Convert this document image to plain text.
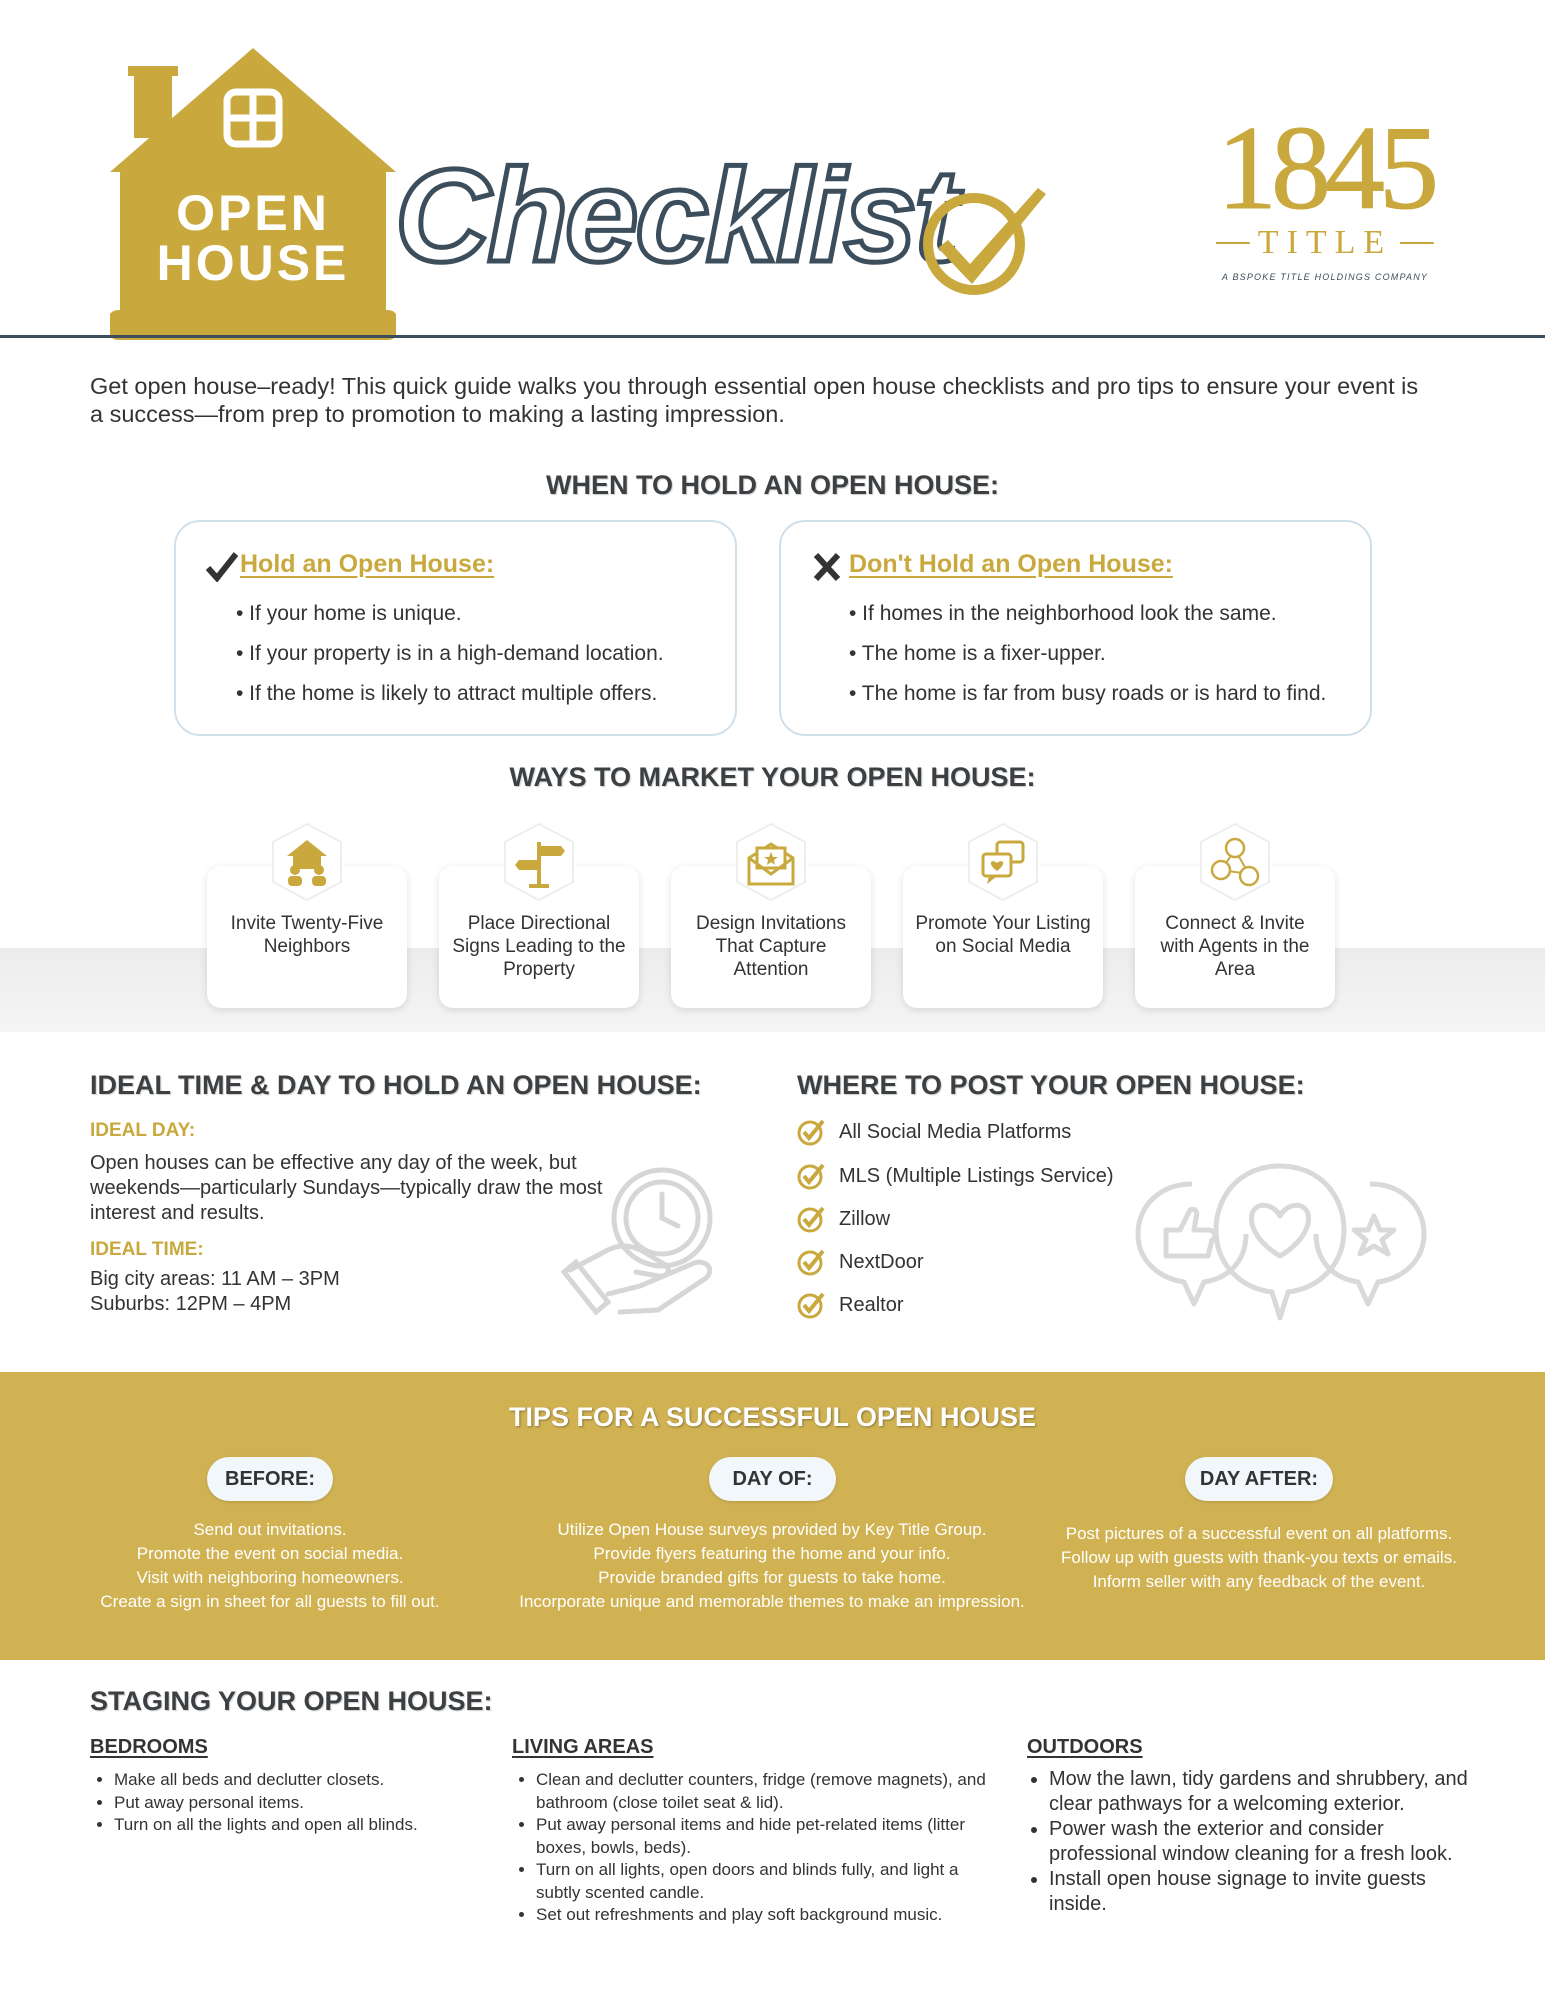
OPEN
HOUSE Checklist 1845
TITLE
A BSPOKE TITLE HOLDINGS COMPANY
Get open house–ready! This quick guide walks you through essential open house checklists and pro tips to ensure your event is a success—from prep to promotion to making a lasting impression.
WHEN TO HOLD AN OPEN HOUSE:
Hold an Open House:
• If your home is unique.
• If your property is in a high-demand location.
• If the home is likely to attract multiple offers.
Don't Hold an Open House:
• If homes in the neighborhood look the same.
• The home is a fixer-upper.
• The home is far from busy roads or is hard to find.
WAYS TO MARKET YOUR OPEN HOUSE:
Invite Twenty-Five Neighbors
Place Directional Signs Leading to the Property
Design Invitations That Capture Attention
Promote Your Listing on Social Media
Connect & Invite with Agents in the Area
IDEAL TIME & DAY TO HOLD AN OPEN HOUSE:
IDEAL DAY:
Open houses can be effective any day of the week, but weekends—particularly Sundays—typically draw the most interest and results.
IDEAL TIME:
Big city areas: 11 AM – 3PM
Suburbs: 12PM – 4PM
WHERE TO POST YOUR OPEN HOUSE:
All Social Media Platforms
MLS (Multiple Listings Service)
Zillow
NextDoor
Realtor
TIPS FOR A SUCCESSFUL OPEN HOUSE
BEFORE:	DAY OF:	DAY AFTER:
Send out invitations.
Promote the event on social media.
Visit with neighboring homeowners.
Create a sign in sheet for all guests to fill out.
Utilize Open House surveys provided by Key Title Group.
Provide flyers featuring the home and your info.
Provide branded gifts for guests to take home.
Incorporate unique and memorable themes to make an impression.
Post pictures of a successful event on all platforms.
Follow up with guests with thank-you texts or emails.
Inform seller with any feedback of the event.
STAGING YOUR OPEN HOUSE:
BEDROOMS
• Make all beds and declutter closets.
• Put away personal items.
• Turn on all the lights and open all blinds.
LIVING AREAS
• Clean and declutter counters, fridge (remove magnets), and bathroom (close toilet seat & lid).
• Put away personal items and hide pet-related items (litter boxes, bowls, beds).
• Turn on all lights, open doors and blinds fully, and light a subtly scented candle.
• Set out refreshments and play soft background music.
OUTDOORS
• Mow the lawn, tidy gardens and shrubbery, and clear pathways for a welcoming exterior.
• Power wash the exterior and consider professional window cleaning for a fresh look.
• Install open house signage to invite guests inside.
